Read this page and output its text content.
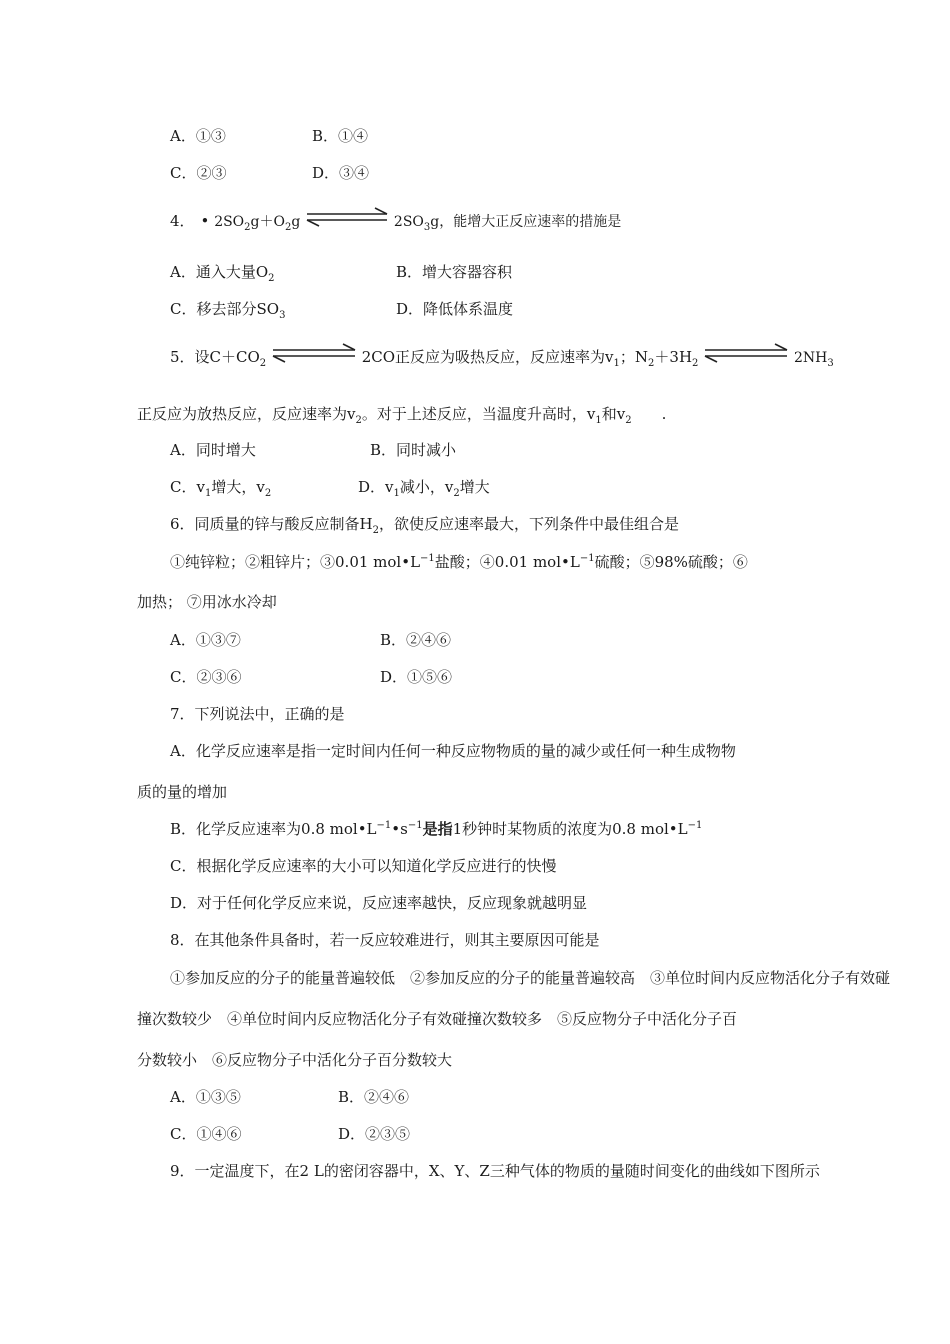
A．①③	B．①④
C．②③	D．③④
4． • $2SO_2g+O_2g$	$2SO_3g$，能增大正反应速率的措施是
A．通入大量$O_2$	B．增大容器容积
C．移去部分$SO_3$	D．降低体系温度
5．设$C+CO_2$	2CO正反应为吸热反应，反应速率为$v_1$；$N_2+3H_2$	$2NH_3$
正反应为放热反应，反应速率为$v_2$。对于上述反应，当温度升高时，$v_1$和$v_2$ .
A．同时增大	B．同时减小
C．$v_1$增大，$v_2$	D．$v_1$减小，$v_2$增大
6．同质量的锌与酸反应制备$H_2$，欲使反应速率最大，下列条件中最佳组合是
①纯锌粒；②粗锌片；③0.01 $mol•L^{-1}$盐酸；④0.01 $mol•L^{-1}$硫酸；⑤98%硫酸；⑥
加热； ⑦用冰水冷却
A．①③⑦	B．②④⑥
C．②③⑥	D．①⑤⑥
7．下列说法中，正确的是
A．化学反应速率是指一定时间内任何一种反应物物质的量的减少或任何一种生成物物
质的量的增加
B．化学反应速率为0.8 $mol•L^{-1}•s^{-1}$是指1秒钟时某物质的浓度为0.8 $mol•L^{-1}$
C．根据化学反应速率的大小可以知道化学反应进行的快慢
D．对于任何化学反应来说，反应速率越快，反应现象就越明显
8．在其他条件具备时，若一反应较难进行，则其主要原因可能是
①参加反应的分子的能量普遍较低　②参加反应的分子的能量普遍较高　③单位时间内反应物活化分子有效碰
撞次数较少　④单位时间内反应物活化分子有效碰撞次数较多　⑤反应物分子中活化分子百
分数较小　⑥反应物分子中活化分子百分数较大
A．①③⑤	B．②④⑥
C．①④⑥	D．②③⑤
9．一定温度下，在2 L的密闭容器中，X、Y、Z三种气体的物质的量随时间变化的曲线如下图所示
